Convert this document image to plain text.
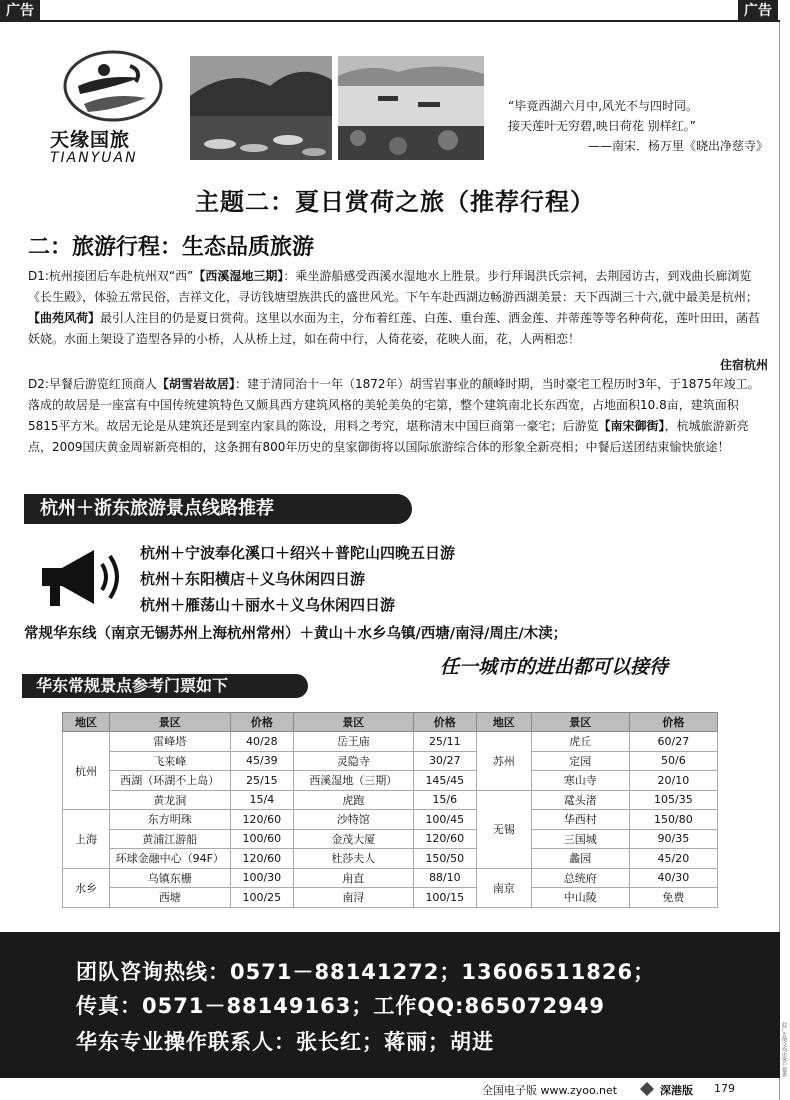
广告	广告
此广告图文均由客户提供
天缘国旅
TIANYUAN
“毕竟西湖六月中,风光不与四时同。
接天莲叶无穷碧,映日荷花 别样红。”
——南宋．杨万里《晓出净慈寺》
主题二：夏日赏荷之旅（推荐行程）
二：旅游行程：生态品质旅游
D1:杭州接团后车赴杭州双“西”【西溪湿地三期】：乘坐游船感受西溪水湿地水上胜景。步行拜谒洪氏宗祠，去荆园访古，到戏曲长廊浏览《长生殿》，体验五常民俗，吉祥文化，寻访钱塘望族洪氏的盛世风光。下午车赴西湖边畅游西湖美景：天下西湖三十六,就中最美是杭州；【曲苑风荷】最引人注目的仍是夏日赏荷。这里以水面为主，分布着红莲、白莲、重台莲、洒金莲、并蒂莲等等名种荷花，莲叶田田，菡萏妖娆。水面上架设了造型各异的小桥，人从桥上过，如在荷中行，人倚花姿，花映人面，花，人两相恋！
住宿杭州
D2:早餐后游览红顶商人【胡雪岩故居】：建于清同治十一年（1872年）胡雪岩事业的颠峰时期，当时豪宅工程历时3年，于1875年竣工。落成的故居是一座富有中国传统建筑特色又颇具西方建筑风格的美轮美奂的宅第，整个建筑南北长东西宽，占地面积10.8亩，建筑面积5815平方米。故居无论是从建筑还是到室内家具的陈设，用料之考究，堪称清末中国巨商第一豪宅；后游览【南宋御街】，杭城旅游新亮点，2009国庆黄金周崭新亮相的，这条拥有800年历史的皇家御街将以国际旅游综合体的形象全新亮相；中餐后送团结束愉快旅途！
杭州＋浙东旅游景点线路推荐
杭州＋宁波奉化溪口＋绍兴＋普陀山四晚五日游
杭州＋东阳横店＋义乌休闲四日游
杭州＋雁荡山＋丽水＋义乌休闲四日游
常规华东线（南京无锡苏州上海杭州常州）＋黄山＋水乡乌镇/西塘/南浔/周庄/木渎；
任一城市的进出都可以接待
华东常规景点参考门票如下
地区	景区	价格	景区	价格	地区	景区	价格
杭州	雷峰塔	40/28	岳王庙	25/11	苏州	虎丘	60/27
	飞来峰	45/39	灵隐寺	30/27		定园	50/6
	西湖（环湖不上岛）	25/15	西溪湿地（三期）	145/45		寒山寺	20/10
	黄龙洞	15/4	虎跑	15/6	无锡	鼋头渚	105/35
上海	东方明珠	120/60	沙特馆	100/45		华西村	150/80
	黄浦江游船	100/60	金茂大厦	120/60		三国城	90/35
	环球金融中心（94F）	120/60	杜莎夫人	150/50		蠡园	45/20
水乡	乌镇东栅	100/30	甪直	88/10	南京	总统府	40/30
	西塘	100/25	南浔	100/15		中山陵	免费
团队咨询热线：0571－88141272；13606511826；
传真：0571－88149163；工作QQ:865072949
华东专业操作联系人：张长红；蒋丽；胡进
全国电子版 www.zyoo.net	深港版 179
